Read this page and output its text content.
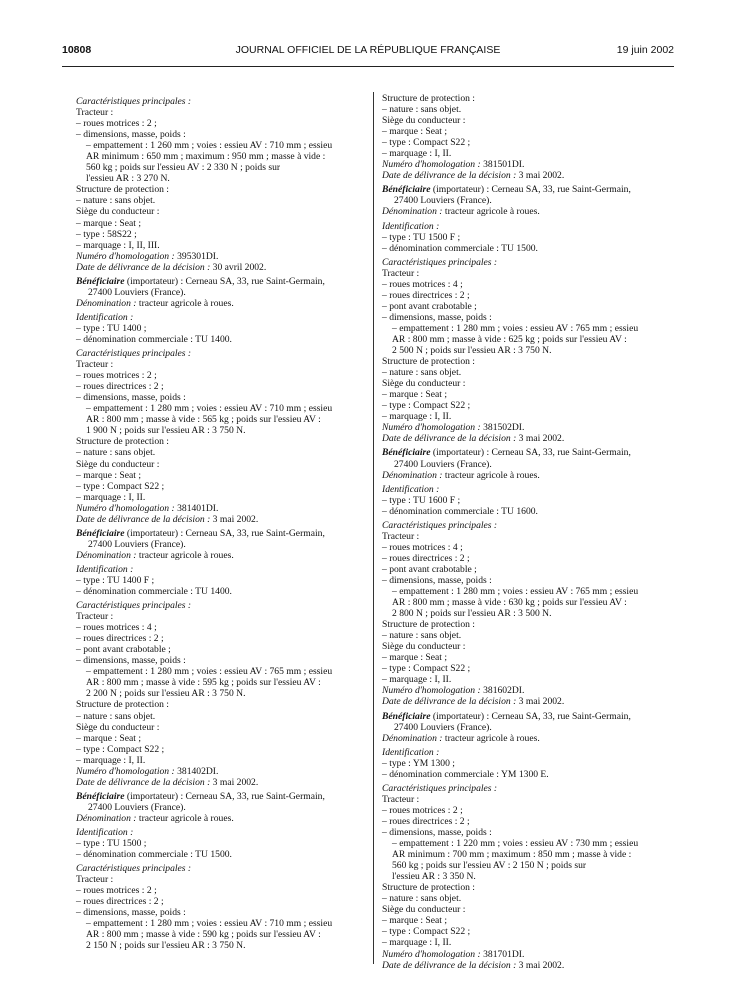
10808	JOURNAL OFFICIEL DE LA RÉPUBLIQUE FRANÇAISE	19 juin 2002
Caractéristiques principales :
Tracteur :
– roues motrices : 2 ;
– dimensions, masse, poids :
– empattement : 1 260 mm ; voies : essieu AV : 710 mm ; essieu
AR minimum : 650 mm ; maximum : 950 mm ; masse à vide :
560 kg ; poids sur l'essieu AV : 2 330 N ; poids sur
l'essieu AR : 3 270 N.
Structure de protection :
– nature : sans objet.
Siège du conducteur :
– marque : Seat ;
– type : 58S22 ;
– marquage : I, II, III.
Numéro d'homologation : 395301DI.
Date de délivrance de la décision : 30 avril 2002.
Bénéficiaire (importateur) : Cerneau SA, 33, rue Saint-Germain,
27400 Louviers (France).
Dénomination : tracteur agricole à roues.
Identification :
– type : TU 1400 ;
– dénomination commerciale : TU 1400.
Caractéristiques principales :
Tracteur :
– roues motrices : 2 ;
– roues directrices : 2 ;
– dimensions, masse, poids :
– empattement : 1 280 mm ; voies : essieu AV : 710 mm ; essieu
AR : 800 mm ; masse à vide : 565 kg ; poids sur l'essieu AV :
1 900 N ; poids sur l'essieu AR : 3 750 N.
Structure de protection :
– nature : sans objet.
Siège du conducteur :
– marque : Seat ;
– type : Compact S22 ;
– marquage : I, II.
Numéro d'homologation : 381401DI.
Date de délivrance de la décision : 3 mai 2002.
Bénéficiaire (importateur) : Cerneau SA, 33, rue Saint-Germain,
27400 Louviers (France).
Dénomination : tracteur agricole à roues.
Identification :
– type : TU 1400 F ;
– dénomination commerciale : TU 1400.
Caractéristiques principales :
Tracteur :
– roues motrices : 4 ;
– roues directrices : 2 ;
– pont avant crabotable ;
– dimensions, masse, poids :
– empattement : 1 280 mm ; voies : essieu AV : 765 mm ; essieu
AR : 800 mm ; masse à vide : 595 kg ; poids sur l'essieu AV :
2 200 N ; poids sur l'essieu AR : 3 750 N.
Structure de protection :
– nature : sans objet.
Siège du conducteur :
– marque : Seat ;
– type : Compact S22 ;
– marquage : I, II.
Numéro d'homologation : 381402DI.
Date de délivrance de la décision : 3 mai 2002.
Bénéficiaire (importateur) : Cerneau SA, 33, rue Saint-Germain,
27400 Louviers (France).
Dénomination : tracteur agricole à roues.
Identification :
– type : TU 1500 ;
– dénomination commerciale : TU 1500.
Caractéristiques principales :
Tracteur :
– roues motrices : 2 ;
– roues directrices : 2 ;
– dimensions, masse, poids :
– empattement : 1 280 mm ; voies : essieu AV : 710 mm ; essieu
AR : 800 mm ; masse à vide : 590 kg ; poids sur l'essieu AV :
2 150 N ; poids sur l'essieu AR : 3 750 N.
Structure de protection :
– nature : sans objet.
Siège du conducteur :
– marque : Seat ;
– type : Compact S22 ;
– marquage : I, II.
Numéro d'homologation : 381501DI.
Date de délivrance de la décision : 3 mai 2002.
Bénéficiaire (importateur) : Cerneau SA, 33, rue Saint-Germain,
27400 Louviers (France).
Dénomination : tracteur agricole à roues.
Identification :
– type : TU 1500 F ;
– dénomination commerciale : TU 1500.
Caractéristiques principales :
Tracteur :
– roues motrices : 4 ;
– roues directrices : 2 ;
– pont avant crabotable ;
– dimensions, masse, poids :
– empattement : 1 280 mm ; voies : essieu AV : 765 mm ; essieu
AR : 800 mm ; masse à vide : 625 kg ; poids sur l'essieu AV :
2 500 N ; poids sur l'essieu AR : 3 750 N.
Structure de protection :
– nature : sans objet.
Siège du conducteur :
– marque : Seat ;
– type : Compact S22 ;
– marquage : I, II.
Numéro d'homologation : 381502DI.
Date de délivrance de la décision : 3 mai 2002.
Bénéficiaire (importateur) : Cerneau SA, 33, rue Saint-Germain,
27400 Louviers (France).
Dénomination : tracteur agricole à roues.
Identification :
– type : TU 1600 F ;
– dénomination commerciale : TU 1600.
Caractéristiques principales :
Tracteur :
– roues motrices : 4 ;
– roues directrices : 2 ;
– pont avant crabotable ;
– dimensions, masse, poids :
– empattement : 1 280 mm ; voies : essieu AV : 765 mm ; essieu
AR : 800 mm ; masse à vide : 630 kg ; poids sur l'essieu AV :
2 800 N ; poids sur l'essieu AR : 3 500 N.
Structure de protection :
– nature : sans objet.
Siège du conducteur :
– marque : Seat ;
– type : Compact S22 ;
– marquage : I, II.
Numéro d'homologation : 381602DI.
Date de délivrance de la décision : 3 mai 2002.
Bénéficiaire (importateur) : Cerneau SA, 33, rue Saint-Germain,
27400 Louviers (France).
Dénomination : tracteur agricole à roues.
Identification :
– type : YM 1300 ;
– dénomination commerciale : YM 1300 E.
Caractéristiques principales :
Tracteur :
– roues motrices : 2 ;
– roues directrices : 2 ;
– dimensions, masse, poids :
– empattement : 1 220 mm ; voies : essieu AV : 730 mm ; essieu
AR minimum : 700 mm ; maximum : 850 mm ; masse à vide :
560 kg ; poids sur l'essieu AV : 2 150 N ; poids sur
l'essieu AR : 3 350 N.
Structure de protection :
– nature : sans objet.
Siège du conducteur :
– marque : Seat ;
– type : Compact S22 ;
– marquage : I, II.
Numéro d'homologation : 381701DI.
Date de délivrance de la décision : 3 mai 2002.
